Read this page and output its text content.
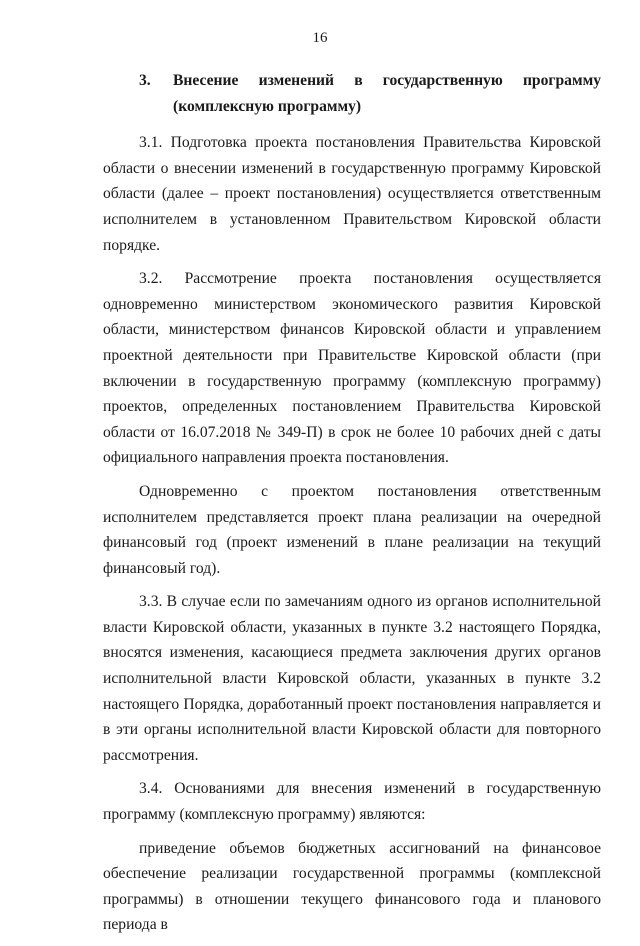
16
3.	Внесение изменений в государственную программу (комплексную программу)

3.1. Подготовка проекта постановления Правительства Кировской области о внесении изменений в государственную программу Кировской области (далее – проект постановления) осуществляется ответственным исполнителем в установленном Правительством Кировской области порядке.

3.2. Рассмотрение проекта постановления осуществляется одновременно министерством экономического развития Кировской области, министерством финансов Кировской области и управлением проектной деятельности при Правительстве Кировской области (при включении в государственную программу (комплексную программу) проектов, определенных постановлением Правительства Кировской области от 16.07.2018 № 349-П) в срок не более 10 рабочих дней с даты официального направления проекта постановления.

Одновременно с проектом постановления ответственным исполнителем представляется проект плана реализации на очередной финансовый год (проект изменений в плане реализации на текущий финансовый год).

3.3. В случае если по замечаниям одного из органов исполнительной власти Кировской области, указанных в пункте 3.2 настоящего Порядка, вносятся изменения, касающиеся предмета заключения других органов исполнительной власти Кировской области, указанных в пункте 3.2 настоящего Порядка, доработанный проект постановления направляется и в эти органы исполнительной власти Кировской области для повторного рассмотрения.

3.4. Основаниями для внесения изменений в государственную программу (комплексную программу) являются:

приведение объемов бюджетных ассигнований на финансовое обеспечение реализации государственной программы (комплексной программы) в отношении текущего финансового года и планового периода в
